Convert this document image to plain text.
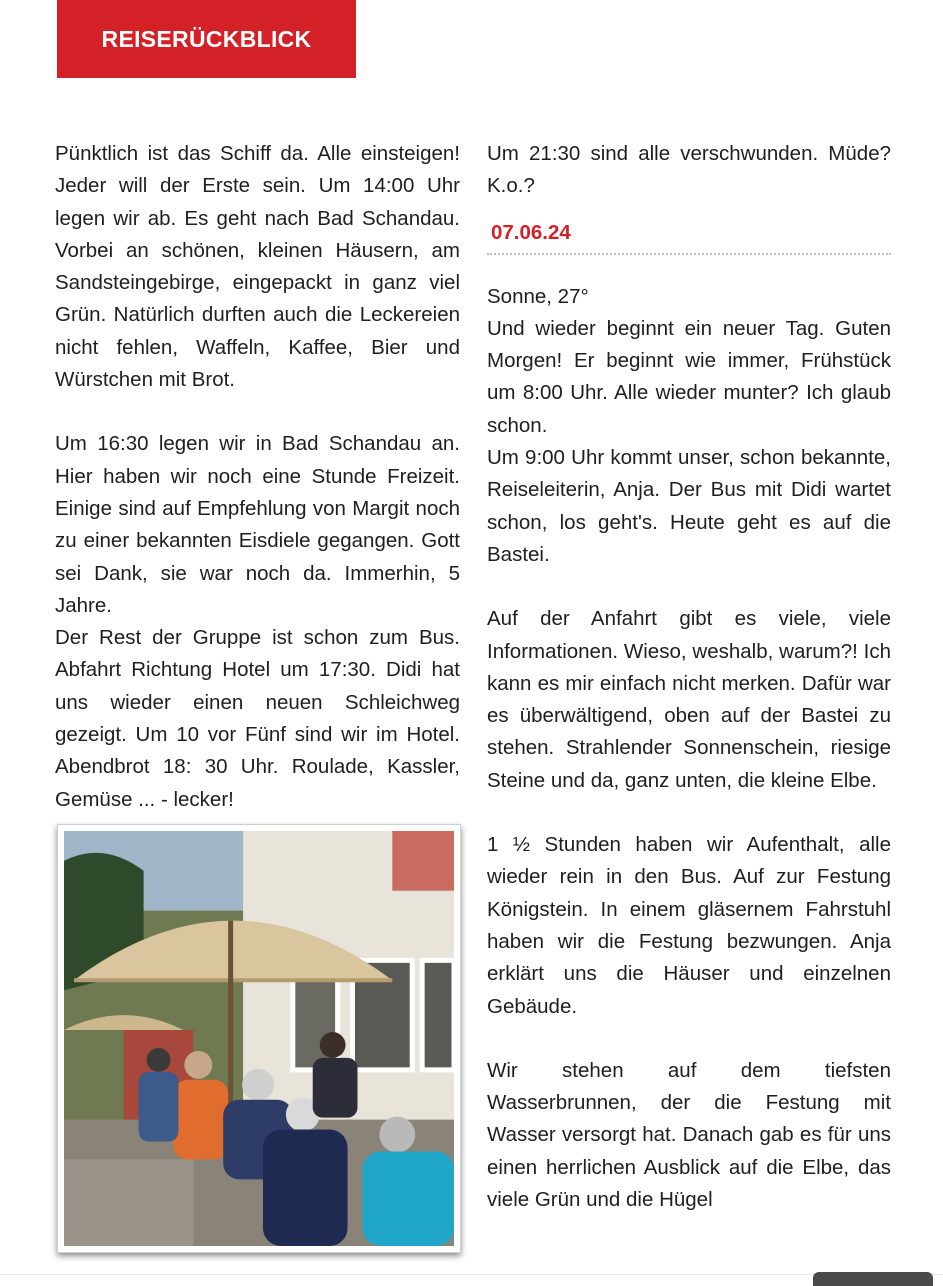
REISERÜCKBLICK

Pünktlich ist das Schiff da. Alle einsteigen! Jeder will der Erste sein. Um 14:00 Uhr legen wir ab. Es geht nach Bad Schandau. Vorbei an schönen, kleinen Häusern, am Sandsteingebirge, eingepackt in ganz viel Grün. Natürlich durften auch die Leckereien nicht fehlen, Waffeln, Kaffee, Bier und Würstchen mit Brot.

Um 16:30 legen wir in Bad Schandau an. Hier haben wir noch eine Stunde Freizeit. Einige sind auf Empfehlung von Margit noch zu einer bekannten Eisdiele gegangen. Gott sei Dank, sie war noch da. Immerhin, 5 Jahre.

Der Rest der Gruppe ist schon zum Bus. Abfahrt Richtung Hotel um 17:30. Didi hat uns wieder einen neuen Schleichweg gezeigt. Um 10 vor Fünf sind wir im Hotel. Abendbrot 18: 30 Uhr. Roulade, Kassler, Gemüse ... - lecker!

Um 21:30 sind alle verschwunden. Müde? K.o.?

07.06.24

Sonne, 27°

Und wieder beginnt ein neuer Tag. Guten Morgen! Er beginnt wie immer, Frühstück um 8:00 Uhr. Alle wieder munter? Ich glaub schon.

Um 9:00 Uhr kommt unser, schon bekannte, Reiseleiterin, Anja. Der Bus mit Didi wartet schon, los geht's. Heute geht es auf die Bastei.

Auf der Anfahrt gibt es viele, viele Informationen. Wieso, weshalb, warum?! Ich kann es mir einfach nicht merken. Dafür war es überwältigend, oben auf der Bastei zu stehen. Strahlender Sonnenschein, riesige Steine und da, ganz unten, die kleine Elbe.

1 ½ Stunden haben wir Aufenthalt, alle wieder rein in den Bus. Auf zur Festung Königstein. In einem gläsernem Fahrstuhl haben wir die Festung bezwungen. Anja erklärt uns die Häuser und einzelnen Gebäude.

Wir stehen auf dem tiefsten Wasserbrunnen, der die Festung mit Wasser versorgt hat. Danach gab es für uns einen herrlichen Ausblick auf die Elbe, das viele Grün und die Hügel
